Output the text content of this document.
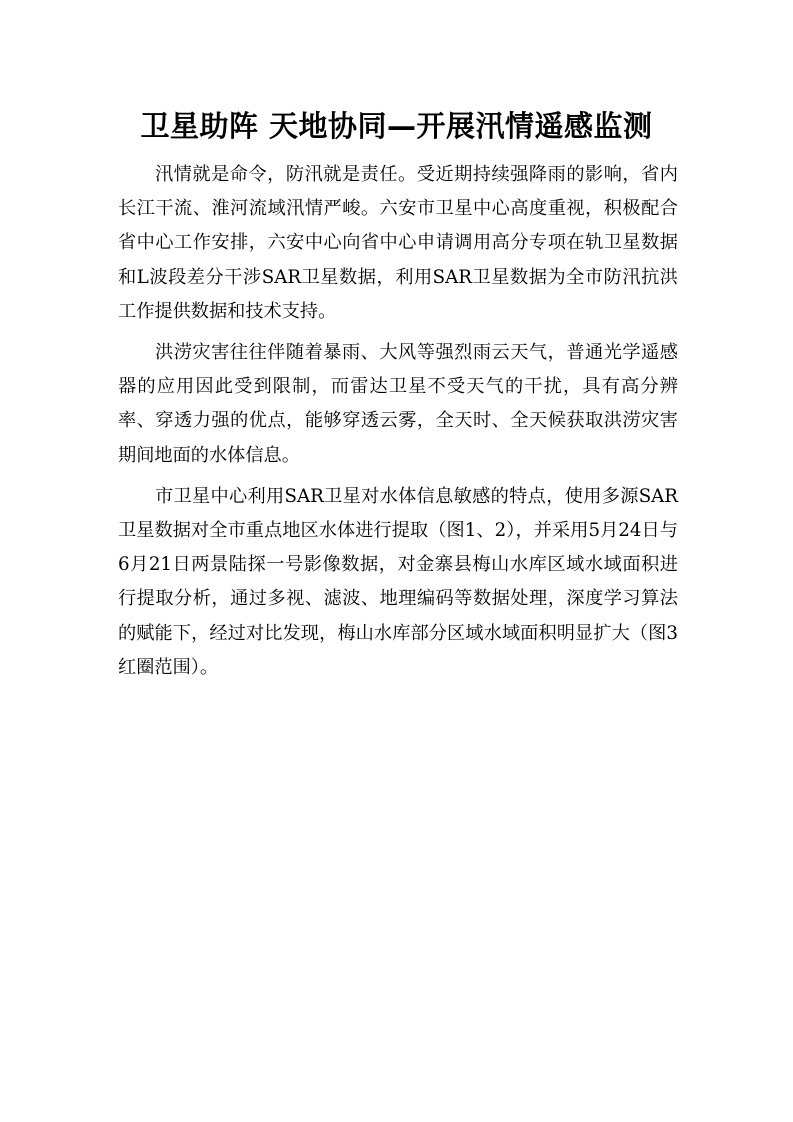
卫星助阵 天地协同—开展汛情遥感监测

汛情就是命令，防汛就是责任。受近期持续强降雨的影响，省内长江干流、淮河流域汛情严峻。六安市卫星中心高度重视，积极配合省中心工作安排，六安中心向省中心申请调用高分专项在轨卫星数据和L波段差分干涉SAR卫星数据，利用SAR卫星数据为全市防汛抗洪工作提供数据和技术支持。

洪涝灾害往往伴随着暴雨、大风等强烈雨云天气，普通光学遥感器的应用因此受到限制，而雷达卫星不受天气的干扰，具有高分辨率、穿透力强的优点，能够穿透云雾，全天时、全天候获取洪涝灾害期间地面的水体信息。

市卫星中心利用SAR卫星对水体信息敏感的特点，使用多源SAR卫星数据对全市重点地区水体进行提取（图1、2），并采用5月24日与6月21日两景陆探一号影像数据，对金寨县梅山水库区域水域面积进行提取分析，通过多视、滤波、地理编码等数据处理，深度学习算法的赋能下，经过对比发现，梅山水库部分区域水域面积明显扩大（图3红圈范围）。
